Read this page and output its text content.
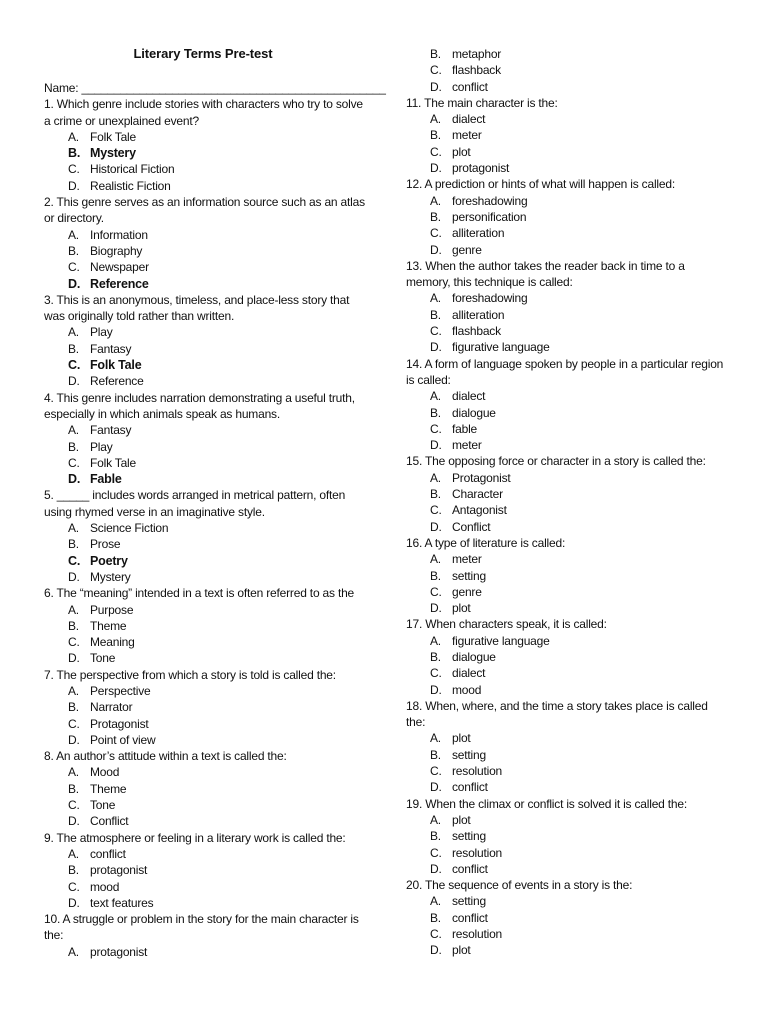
Literary Terms Pre-test
Name: _______________________________________________
1. Which genre include stories with characters who try to solve
a crime or unexplained event?
A. Folk Tale
B. Mystery
C. Historical Fiction
D. Realistic Fiction
2. This genre serves as an information source such as an atlas
or directory.
A. Information
B. Biography
C. Newspaper
D. Reference
3. This is an anonymous, timeless, and place-less story that
was originally told rather than written.
A. Play
B. Fantasy
C. Folk Tale
D. Reference
4. This genre includes narration demonstrating a useful truth,
especially in which animals speak as humans.
A. Fantasy
B. Play
C. Folk Tale
D. Fable
5. _____ includes words arranged in metrical pattern, often
using rhymed verse in an imaginative style.
A. Science Fiction
B. Prose
C. Poetry
D. Mystery
6. The “meaning” intended in a text is often referred to as the
A. Purpose
B. Theme
C. Meaning
D. Tone
7. The perspective from which a story is told is called the:
A. Perspective
B. Narrator
C. Protagonist
D. Point of view
8. An author’s attitude within a text is called the:
A. Mood
B. Theme
C. Tone
D. Conflict
9. The atmosphere or feeling in a literary work is called the:
A. conflict
B. protagonist
C. mood
D. text features
10. A struggle or problem in the story for the main character is
the:
A. protagonist
B. metaphor
C. flashback
D. conflict
11. The main character is the:
A. dialect
B. meter
C. plot
D. protagonist
12. A prediction or hints of what will happen is called:
A. foreshadowing
B. personification
C. alliteration
D. genre
13. When the author takes the reader back in time to a
memory, this technique is called:
A. foreshadowing
B. alliteration
C. flashback
D. figurative language
14. A form of language spoken by people in a particular region
is called:
A. dialect
B. dialogue
C. fable
D. meter
15. The opposing force or character in a story is called the:
A. Protagonist
B. Character
C. Antagonist
D. Conflict
16. A type of literature is called:
A. meter
B. setting
C. genre
D. plot
17. When characters speak, it is called:
A. figurative language
B. dialogue
C. dialect
D. mood
18. When, where, and the time a story takes place is called
the:
A. plot
B. setting
C. resolution
D. conflict
19. When the climax or conflict is solved it is called the:
A. plot
B. setting
C. resolution
D. conflict
20. The sequence of events in a story is the:
A. setting
B. conflict
C. resolution
D. plot
